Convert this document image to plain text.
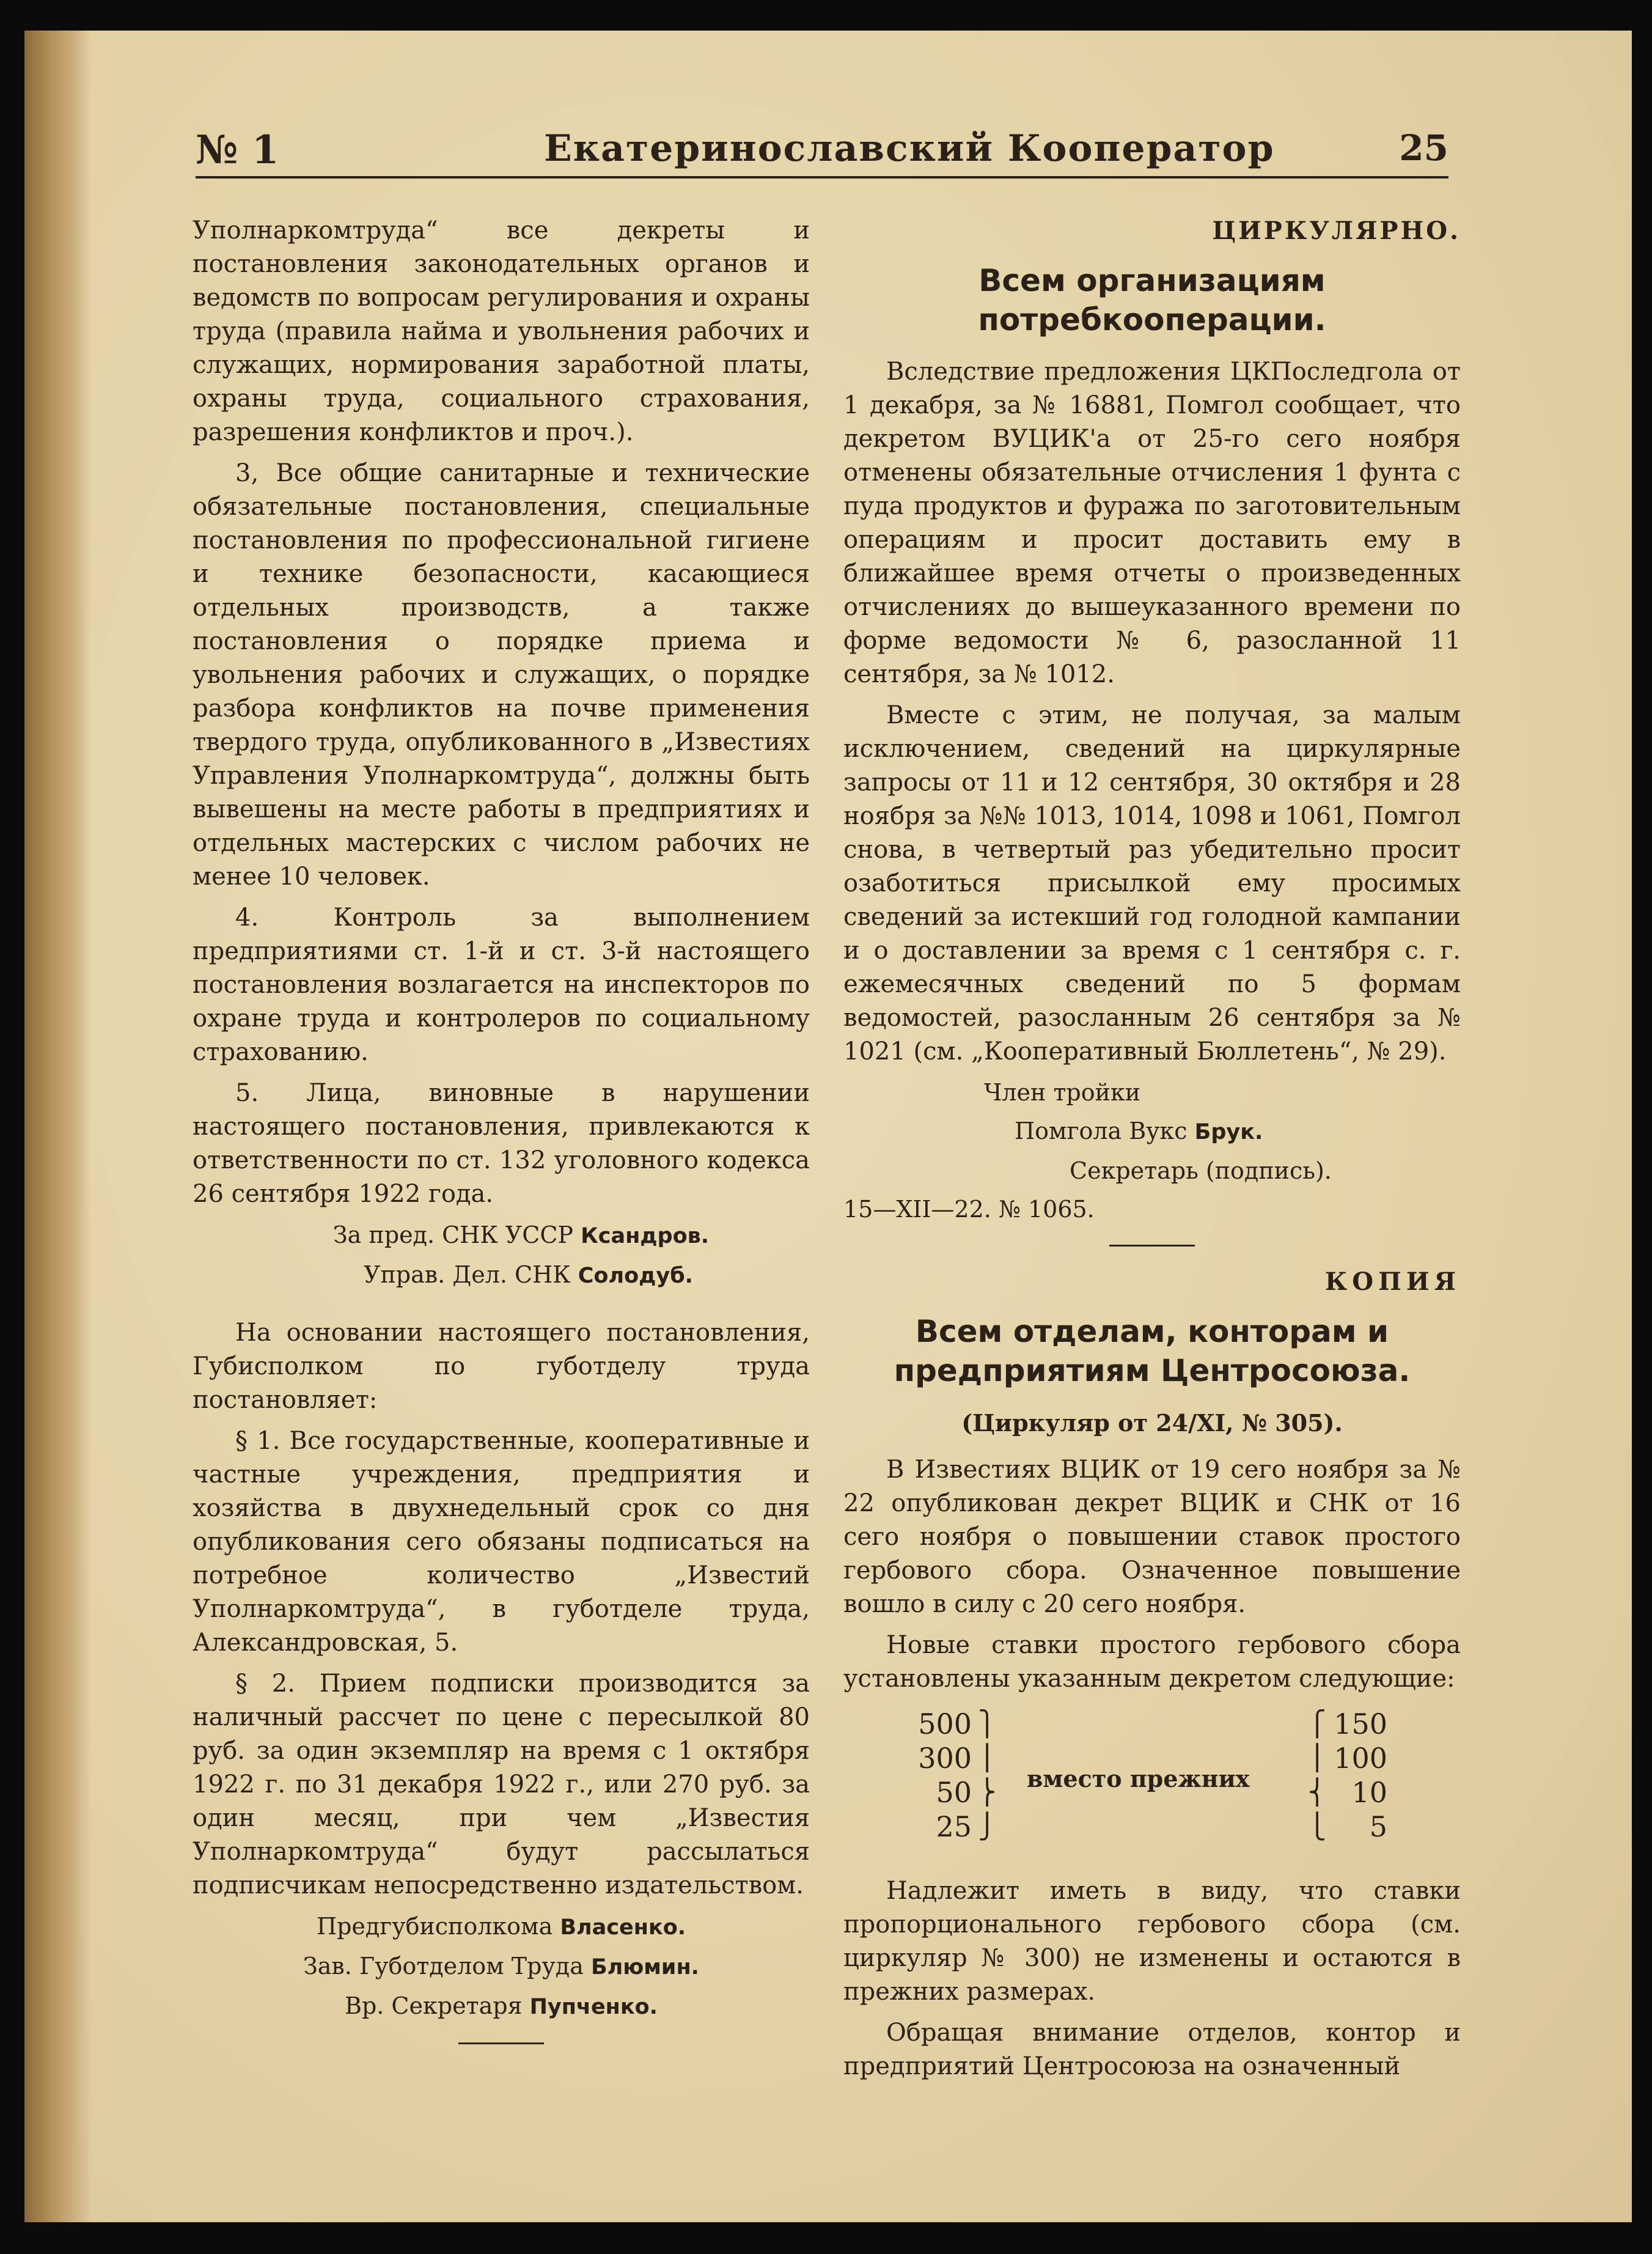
№ 1	Екатеринославский Кооператор	25

Уполнаркомтруда“ все декреты и постановления законодательных органов и ведомств по вопросам регулирования и охраны труда (правила найма и увольнения рабочих и служащих, нормирования заработной платы, охраны труда, социального страхования, разрешения конфликтов и проч.).

3, Все общие санитарные и технические обязательные постановления, специальные постановления по профессиональной гигиене и технике безопасности, касающиеся отдельных производств, а также постановления о порядке приема и увольнения рабочих и служащих, о порядке разбора конфликтов на почве применения твердого труда, опубликованного в „Известиях Управления Уполнаркомтруда“, должны быть вывешены на месте работы в предприятиях и отдельных мастерских с числом рабочих не менее 10 человек.

4. Контроль за выполнением предприятиями ст. 1-й и ст. 3-й настоящего постановления возлагается на инспекторов по охране труда и контролеров по социальному страхованию.

5. Лица, виновные в нарушении настоящего постановления, привлекаются к ответственности по ст. 132 уголовного кодекса 26 сентября 1922 года.

За пред. СНК УССР Ксандров.
Управ. Дел. СНК Солодуб.

На основании настоящего постановления, Губисполком по губотделу труда постановляет:

§ 1. Все государственные, кооперативные и частные учреждения, предприятия и хозяйства в двухнедельный срок со дня опубликования сего обязаны подписаться на потребное количество „Известий Уполнаркомтруда“, в губотделе труда, Александровская, 5.

§ 2. Прием подписки производится за наличный рассчет по цене с пересылкой 80 руб. за один экземпляр на время с 1 октября 1922 г. по 31 декабря 1922 г., или 270 руб. за один месяц, при чем „Известия Уполнаркомтруда“ будут рассылаться подписчикам непосредственно издательством.

Предгубисполкома Власенко.
Зав. Губотделом Труда Блюмин.
Вр. Секретаря Пупченко.
ЦИРКУЛЯРНО.
Всем организациям потребкооперации.

Вследствие предложения ЦКПоследгола от 1 декабря, за № 16881, Помгол сообщает, что декретом ВУЦИК'а от 25-го сего ноября отменены обязательные отчисления 1 фунта с пуда продуктов и фуража по заготовительным операциям и просит доставить ему в ближайшее время отчеты о произведенных отчислениях до вышеуказанного времени по форме ведомости № 6, разосланной 11 сентября, за № 1012.

Вместе с этим, не получая, за малым исключением, сведений на циркулярные запросы от 11 и 12 сентября, 30 октября и 28 ноября за №№ 1013, 1014, 1098 и 1061, Помгол снова, в четвертый раз убедительно просит озаботиться присылкой ему просимых сведений за истекший год голодной кампании и о доставлении за время с 1 сентября с. г. ежемесячных сведений по 5 формам ведомостей, разосланным 26 сентября за № 1021 (см. „Кооперативный Бюллетень“, № 29).

Член тройки
Помгола Вукс Брук.
Секретарь (подпись).
15—XII—22. № 1065.
КОПИЯ
Всем отделам, конторам и предприятиям Центросоюза.
(Циркуляр от 24/XI, № 305).

В Известиях ВЦИК от 19 сего ноября за № 22 опубликован декрет ВЦИК и СНК от 16 сего ноября о повышении ставок простого гербового сбора. Означенное повышение вошло в силу с 20 сего ноября.

Новые ставки простого гербового сбора установлены указанным декретом следующие:

500
300
50
25
⎫
⎪
⎬
⎭
вместо прежних
⎧
⎪
⎨
⎩
150
100
10
5

Надлежит иметь в виду, что ставки пропорционального гербового сбора (см. циркуляр № 300) не изменены и остаются в прежних размерах.

Обращая внимание отделов, контор и предприятий Центросоюза на означенный
